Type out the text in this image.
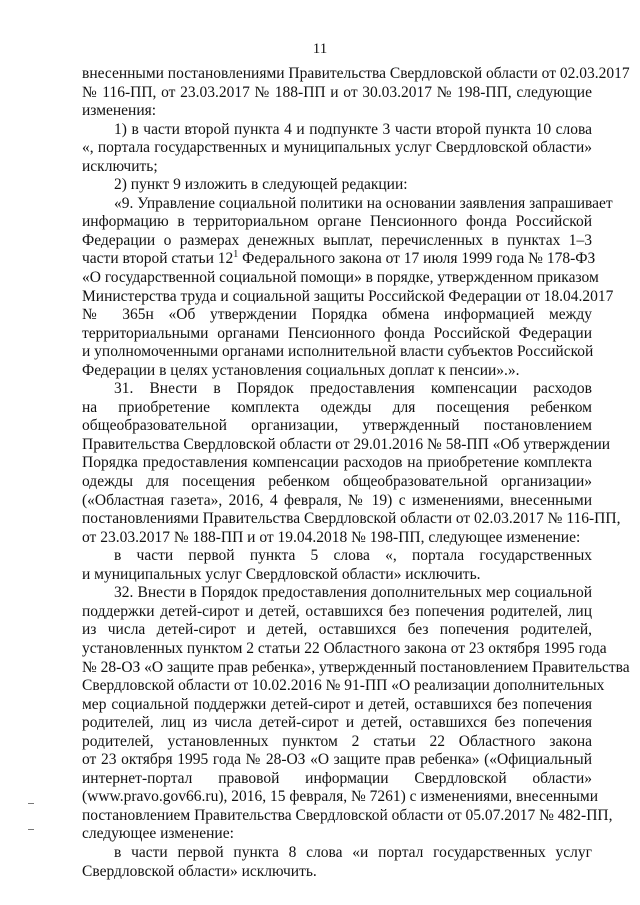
11
внесенными постановлениями Правительства Свердловской области от 02.03.2017
№ 116-ПП, от 23.03.2017 № 188-ПП и от 30.03.2017 № 198-ПП, следующие
изменения:
1) в части второй пункта 4 и подпункте 3 части второй пункта 10 слова
«, портала государственных и муниципальных услуг Свердловской области»
исключить;
2) пункт 9 изложить в следующей редакции:
«9. Управление социальной политики на основании заявления запрашивает
информацию в территориальном органе Пенсионного фонда Российской
Федерации о размерах денежных выплат, перечисленных в пунктах 1–3
части второй статьи $12^1$ Федерального закона от 17 июля 1999 года № 178-ФЗ
«О государственной социальной помощи» в порядке, утвержденном приказом
Министерства труда и социальной защиты Российской Федерации от 18.04.2017
№ 365н «Об утверждении Порядка обмена информацией между
территориальными органами Пенсионного фонда Российской Федерации
и уполномоченными органами исполнительной власти субъектов Российской
Федерации в целях установления социальных доплат к пенсии».».
31. Внести в Порядок предоставления компенсации расходов
на приобретение комплекта одежды для посещения ребенком
общеобразовательной организации, утвержденный постановлением
Правительства Свердловской области от 29.01.2016 № 58-ПП «Об утверждении
Порядка предоставления компенсации расходов на приобретение комплекта
одежды для посещения ребенком общеобразовательной организации»
(«Областная газета», 2016, 4 февраля, № 19) с изменениями, внесенными
постановлениями Правительства Свердловской области от 02.03.2017 № 116-ПП,
от 23.03.2017 № 188-ПП и от 19.04.2018 № 198-ПП, следующее изменение:
в части первой пункта 5 слова «, портала государственных
и муниципальных услуг Свердловской области» исключить.
32. Внести в Порядок предоставления дополнительных мер социальной
поддержки детей-сирот и детей, оставшихся без попечения родителей, лиц
из числа детей-сирот и детей, оставшихся без попечения родителей,
установленных пунктом 2 статьи 22 Областного закона от 23 октября 1995 года
№ 28-ОЗ «О защите прав ребенка», утвержденный постановлением Правительства
Свердловской области от 10.02.2016 № 91-ПП «О реализации дополнительных
мер социальной поддержки детей-сирот и детей, оставшихся без попечения
родителей, лиц из числа детей-сирот и детей, оставшихся без попечения
родителей, установленных пунктом 2 статьи 22 Областного закона
от 23 октября 1995 года № 28-ОЗ «О защите прав ребенка» («Официальный
интернет-портал правовой информации Свердловской области»
(www.pravo.gov66.ru), 2016, 15 февраля, № 7261) с изменениями, внесенными
постановлением Правительства Свердловской области от 05.07.2017 № 482-ПП,
следующее изменение:
в части первой пункта 8 слова «и портал государственных услуг
Свердловской области» исключить.
